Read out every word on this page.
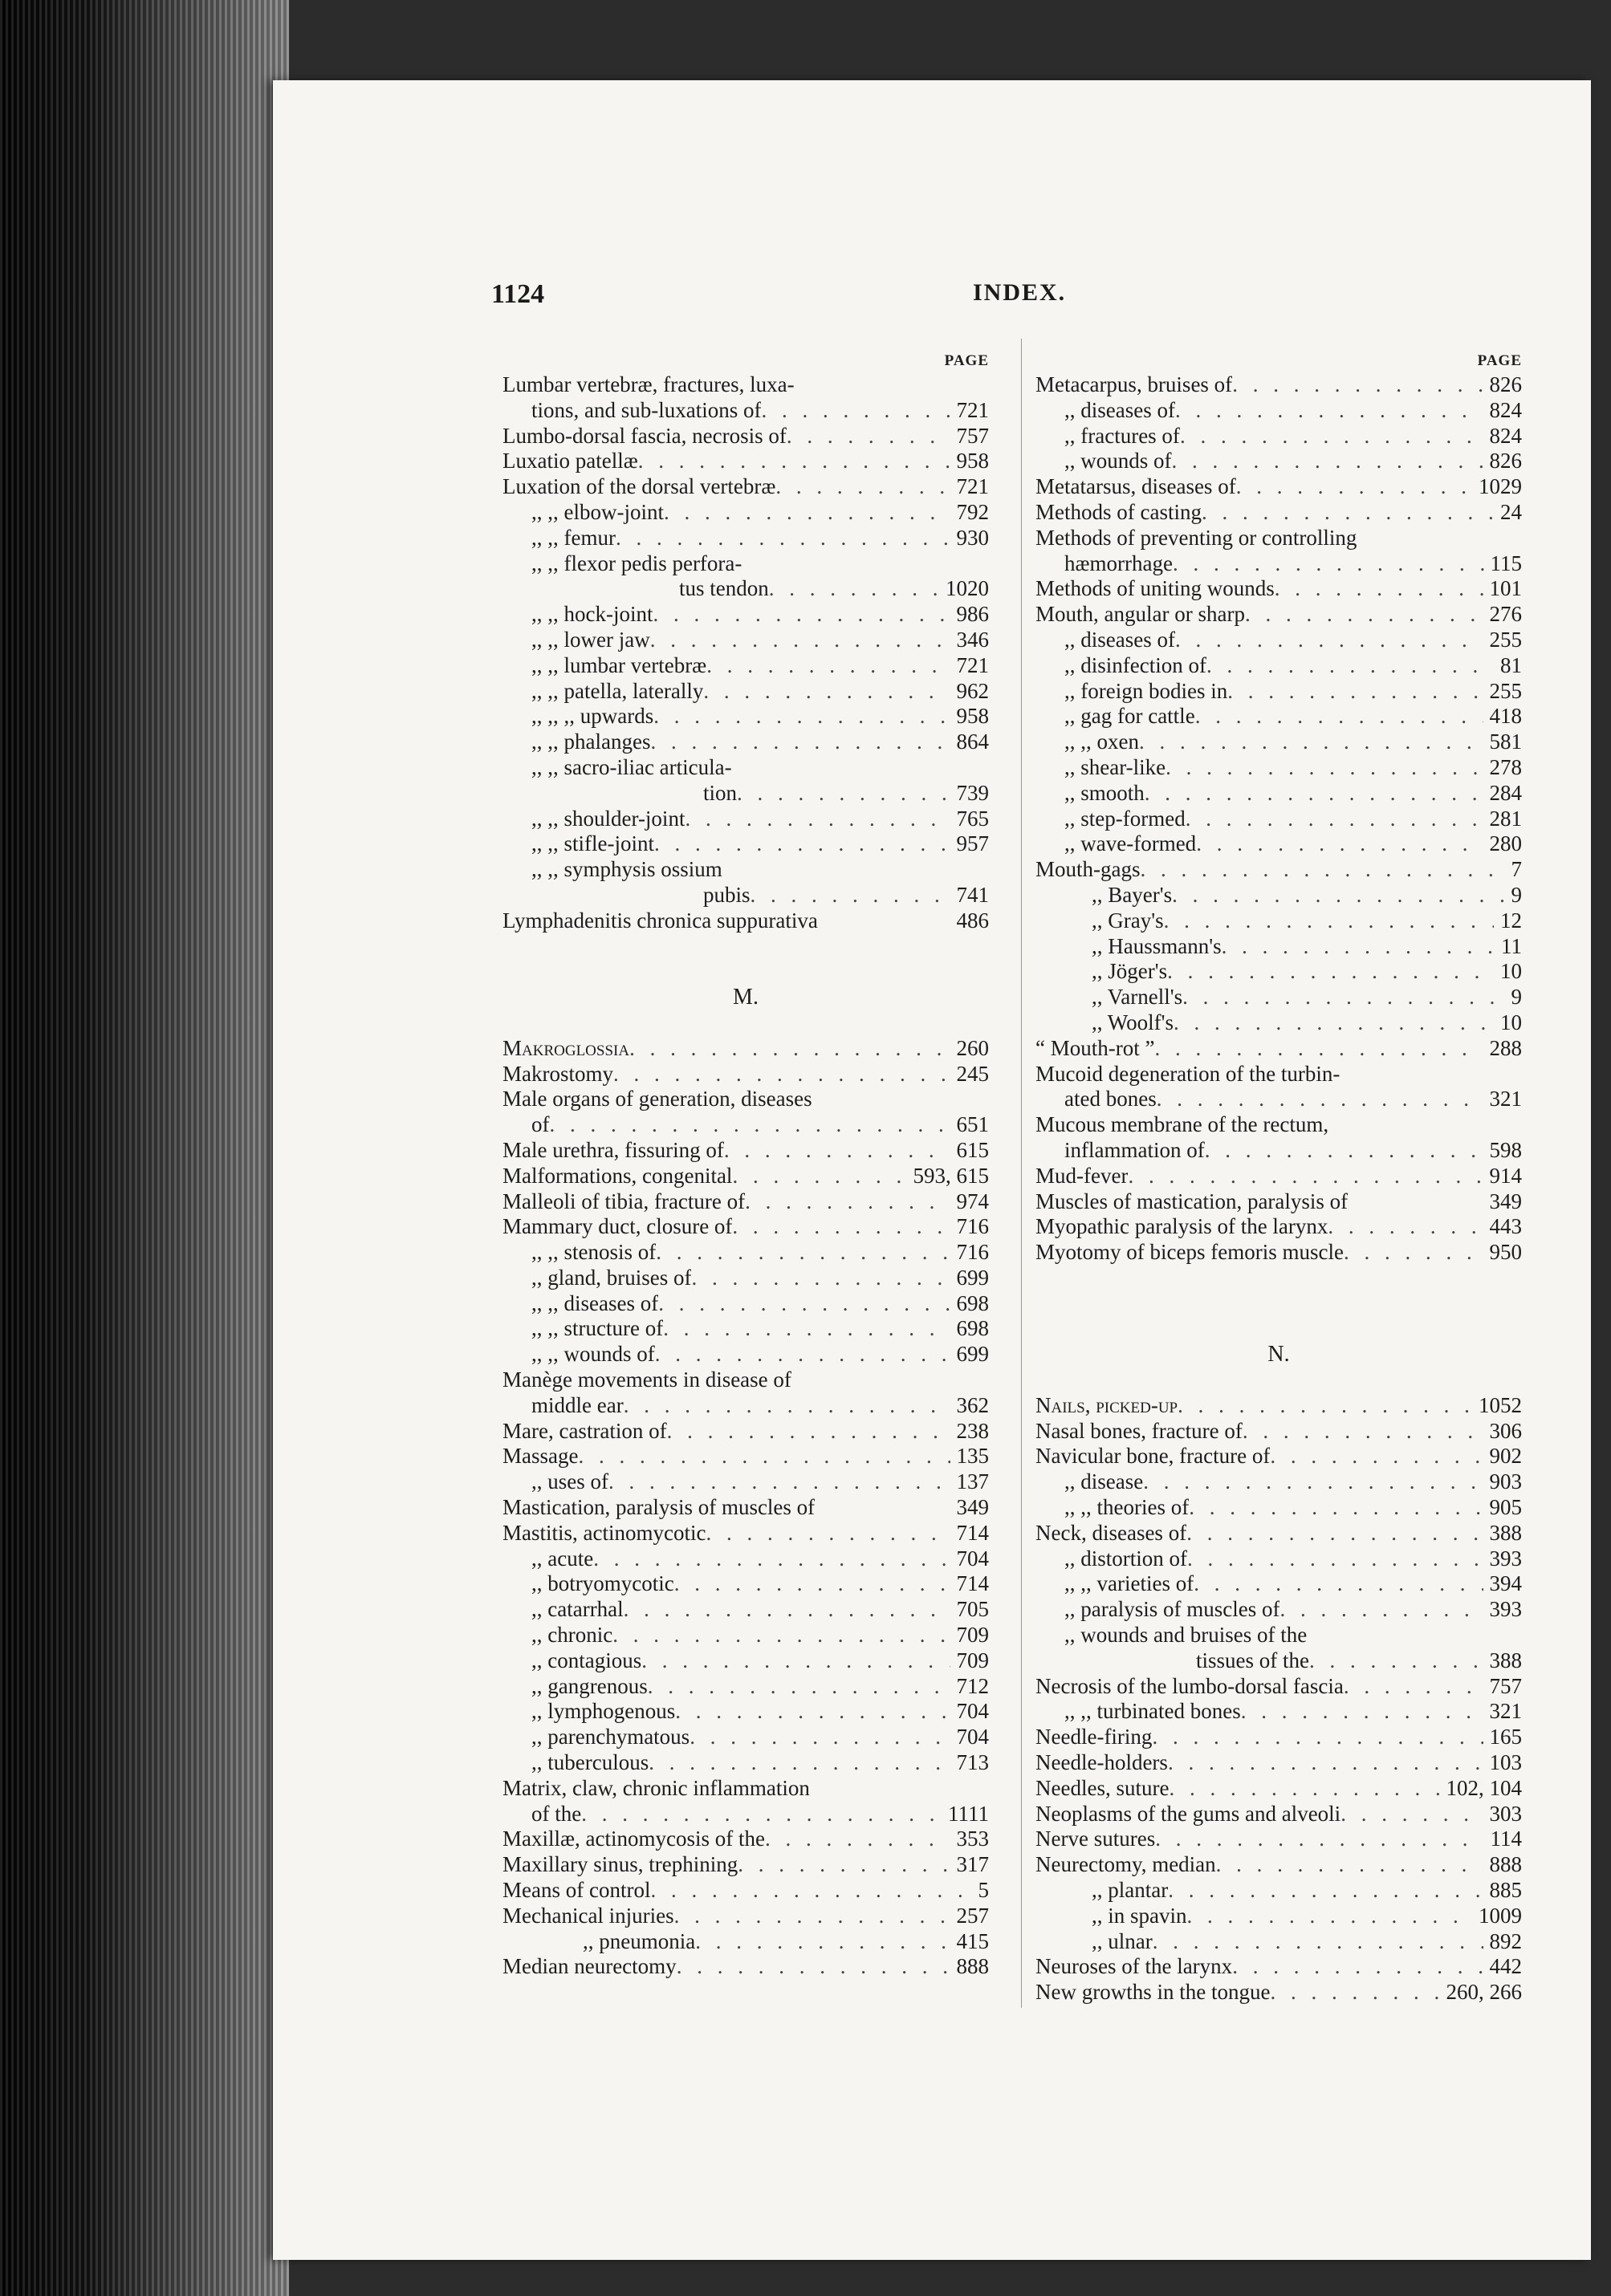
1124	INDEX.
PAGE
Lumbar vertebræ, fractures, luxa-
tions, and sub-luxations of . . .	721
Lumbo-dorsal fascia, necrosis of . . .	757
Luxatio patellæ . . .	958
Luxation of the dorsal vertebræ . . .	721
,, ,, elbow-joint . . .	792
,, ,, femur . . .	930
,, ,, flexor pedis perfora-
tus tendon . . .	1020
,, ,, hock-joint . . .	986
,, ,, lower jaw . . .	346
,, ,, lumbar vertebræ . . .	721
,, ,, patella, laterally . . .	962
,, ,, ,, upwards . . .	958
,, ,, phalanges . . .	864
,, ,, sacro-iliac articula-
tion . . .	739
,, ,, shoulder-joint . . .	765
,, ,, stifle-joint . . .	957
,, ,, symphysis ossium
pubis . . .	741
Lymphadenitis chronica suppurativa	486
M.
Makroglossia . . .	260
Makrostomy . . .	245
Male organs of generation, diseases
of . . .	651
Male urethra, fissuring of . . .	615
Malformations, congenital . . .	593, 615
Malleoli of tibia, fracture of . . .	974
Mammary duct, closure of . . .	716
,, ,, stenosis of . . .	716
,, gland, bruises of . . .	699
,, ,, diseases of . . .	698
,, ,, structure of . . .	698
,, ,, wounds of . . .	699
Manège movements in disease of
middle ear . . .	362
Mare, castration of . . .	238
Massage . . .	135
,, uses of . . .	137
Mastication, paralysis of muscles of	349
Mastitis, actinomycotic . . .	714
,, acute . . .	704
,, botryomycotic . . .	714
,, catarrhal . . .	705
,, chronic . . .	709
,, contagious . . .	709
,, gangrenous . . .	712
,, lymphogenous . . .	704
,, parenchymatous . . .	704
,, tuberculous . . .	713
Matrix, claw, chronic inflammation
of the . . .	1111
Maxillæ, actinomycosis of the . . .	353
Maxillary sinus, trephining . . .	317
Means of control . . .	5
Mechanical injuries . . .	257
,, pneumonia . . .	415
Median neurectomy . . .	888
PAGE
Metacarpus, bruises of . . .	826
,, diseases of . . .	824
,, fractures of . . .	824
,, wounds of . . .	826
Metatarsus, diseases of . . .	1029
Methods of casting . . .	24
Methods of preventing or controlling
hæmorrhage . . .	115
Methods of uniting wounds . . .	101
Mouth, angular or sharp . . .	276
,, diseases of . . .	255
,, disinfection of . . .	81
,, foreign bodies in . . .	255
,, gag for cattle . . .	418
,, ,, oxen . . .	581
,, shear-like . . .	278
,, smooth . . .	284
,, step-formed . . .	281
,, wave-formed . . .	280
Mouth-gags . . .	7
,, Bayer's . . .	9
,, Gray's . . .	12
,, Haussmann's . . .	11
,, Jöger's . . .	10
,, Varnell's . . .	9
,, Woolf's . . .	10
“ Mouth-rot ” . . .	288
Mucoid degeneration of the turbin-
ated bones . . .	321
Mucous membrane of the rectum,
inflammation of . . .	598
Mud-fever . . .	914
Muscles of mastication, paralysis of	349
Myopathic paralysis of the larynx . . .	443
Myotomy of biceps femoris muscle . . .	950
N.
Nails, picked-up . . .	1052
Nasal bones, fracture of . . .	306
Navicular bone, fracture of . . .	902
,, disease . . .	903
,, ,, theories of . . .	905
Neck, diseases of . . .	388
,, distortion of . . .	393
,, ,, varieties of . . .	394
,, paralysis of muscles of . . .	393
,, wounds and bruises of the
tissues of the . . .	388
Necrosis of the lumbo-dorsal fascia . . .	757
,, ,, turbinated bones . . .	321
Needle-firing . . .	165
Needle-holders . . .	103
Needles, suture . . .	102, 104
Neoplasms of the gums and alveoli . . .	303
Nerve sutures . . .	114
Neurectomy, median . . .	888
,, plantar . . .	885
,, in spavin . . .	1009
,, ulnar . . .	892
Neuroses of the larynx . . .	442
New growths in the tongue . . .	260, 266
